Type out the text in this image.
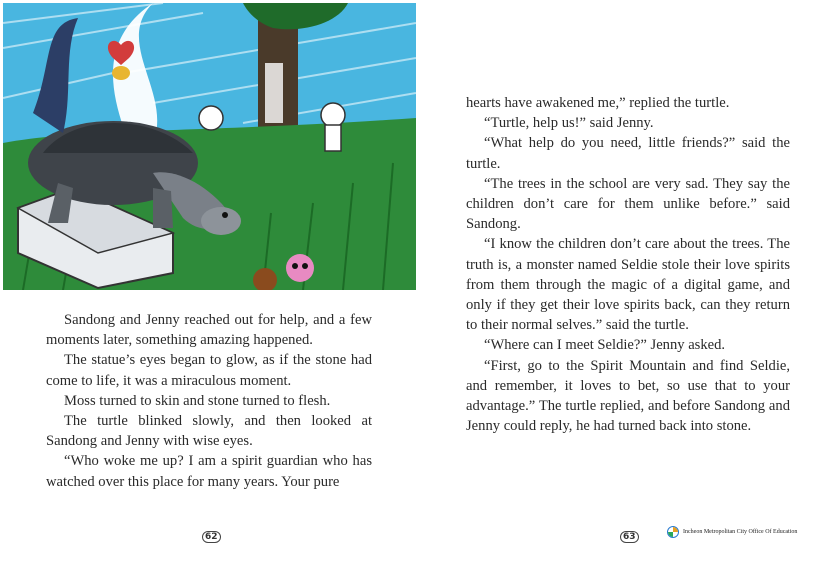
Sandong and Jenny reached out for help, and a few moments later, something amazing happened.

The statue’s eyes began to glow, as if the stone had come to life, it was a miraculous moment.

Moss turned to skin and stone turned to flesh.

The turtle blinked slowly, and then looked at Sandong and Jenny with wise eyes.

“Who woke me up? I am a spirit guardian who has watched over this place for many years. Your pure

hearts have awakened me,” replied the turtle.

“Turtle, help us!” said Jenny.

“What help do you need, little friends?” said the turtle.

“The trees in the school are very sad. They say the children don’t care for them unlike before.” said Sandong.

“I know the children don’t care about the trees. The truth is, a monster named Seldie stole their love spirits from them through the magic of a digital game, and only if they get their love spirits back, can they return to their normal selves.” said the turtle.

“Where can I meet Seldie?” Jenny asked.

“First, go to the Spirit Mountain and find Seldie, and remember, it loves to bet, so use that to your advantage.” The turtle replied, and before Sandong and Jenny could reply, he had turned back into stone.

62	63	Incheon Metropolitan City Office Of Education
